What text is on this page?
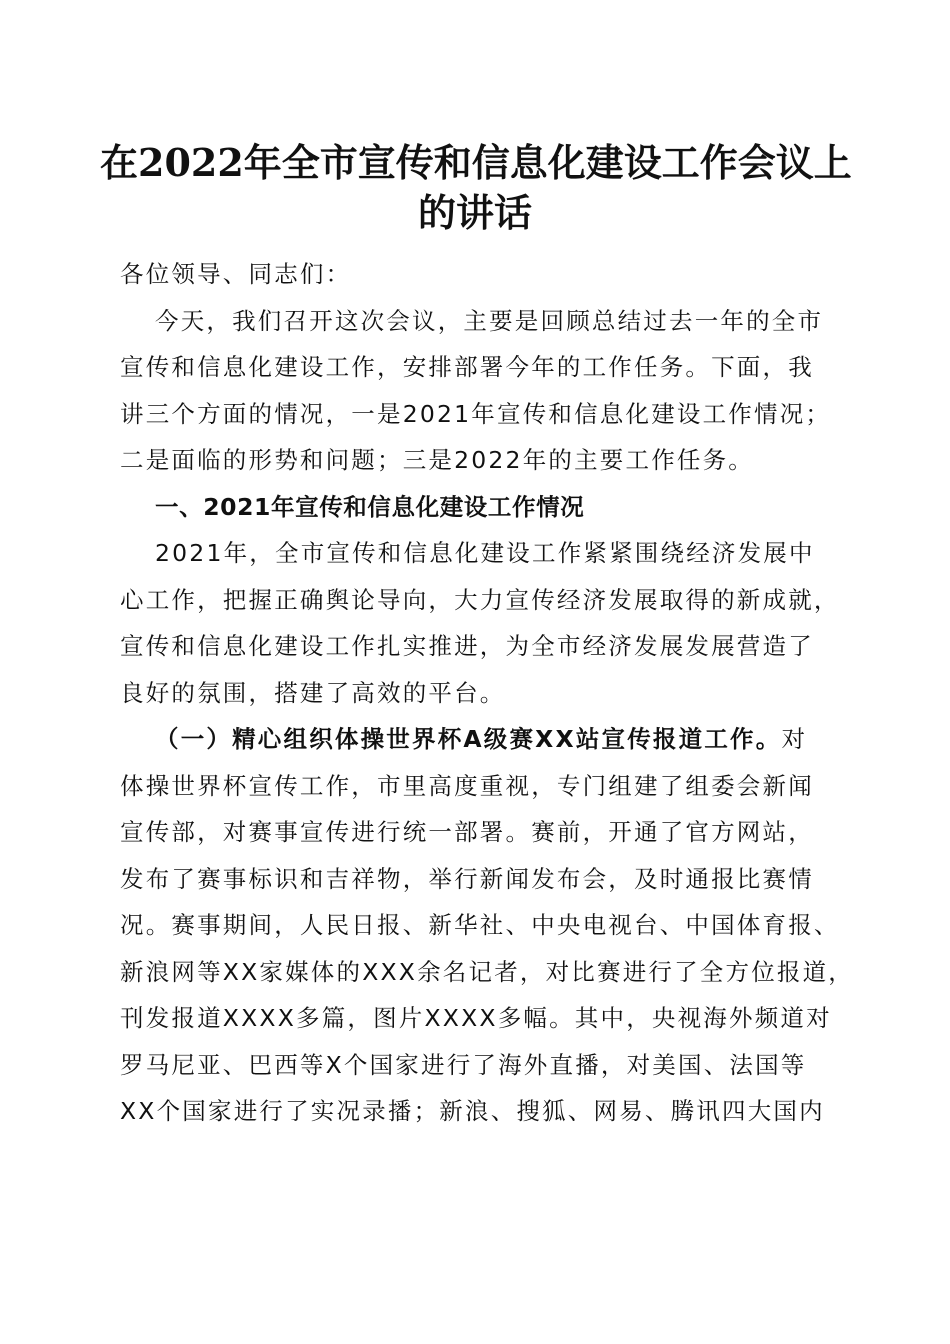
在2022年全市宣传和信息化建设工作会议上
的讲话
各位领导、同志们：
今天，我们召开这次会议，主要是回顾总结过去一年的全市
宣传和信息化建设工作，安排部署今年的工作任务。下面，我
讲三个方面的情况，一是2021年宣传和信息化建设工作情况；
二是面临的形势和问题；三是2022年的主要工作任务。
一、2021年宣传和信息化建设工作情况
2021年，全市宣传和信息化建设工作紧紧围绕经济发展中
心工作，把握正确舆论导向，大力宣传经济发展取得的新成就，
宣传和信息化建设工作扎实推进，为全市经济发展发展营造了
良好的氛围，搭建了高效的平台。
（一）精心组织体操世界杯A级赛XX站宣传报道工作。对
体操世界杯宣传工作，市里高度重视，专门组建了组委会新闻
宣传部，对赛事宣传进行统一部署。赛前，开通了官方网站，
发布了赛事标识和吉祥物，举行新闻发布会，及时通报比赛情
况。赛事期间，人民日报、新华社、中央电视台、中国体育报、
新浪网等XX家媒体的XXX余名记者，对比赛进行了全方位报道，
刊发报道XXXX多篇，图片XXXX多幅。其中，央视海外频道对
罗马尼亚、巴西等X个国家进行了海外直播，对美国、法国等
XX个国家进行了实况录播；新浪、搜狐、网易、腾讯四大国内
